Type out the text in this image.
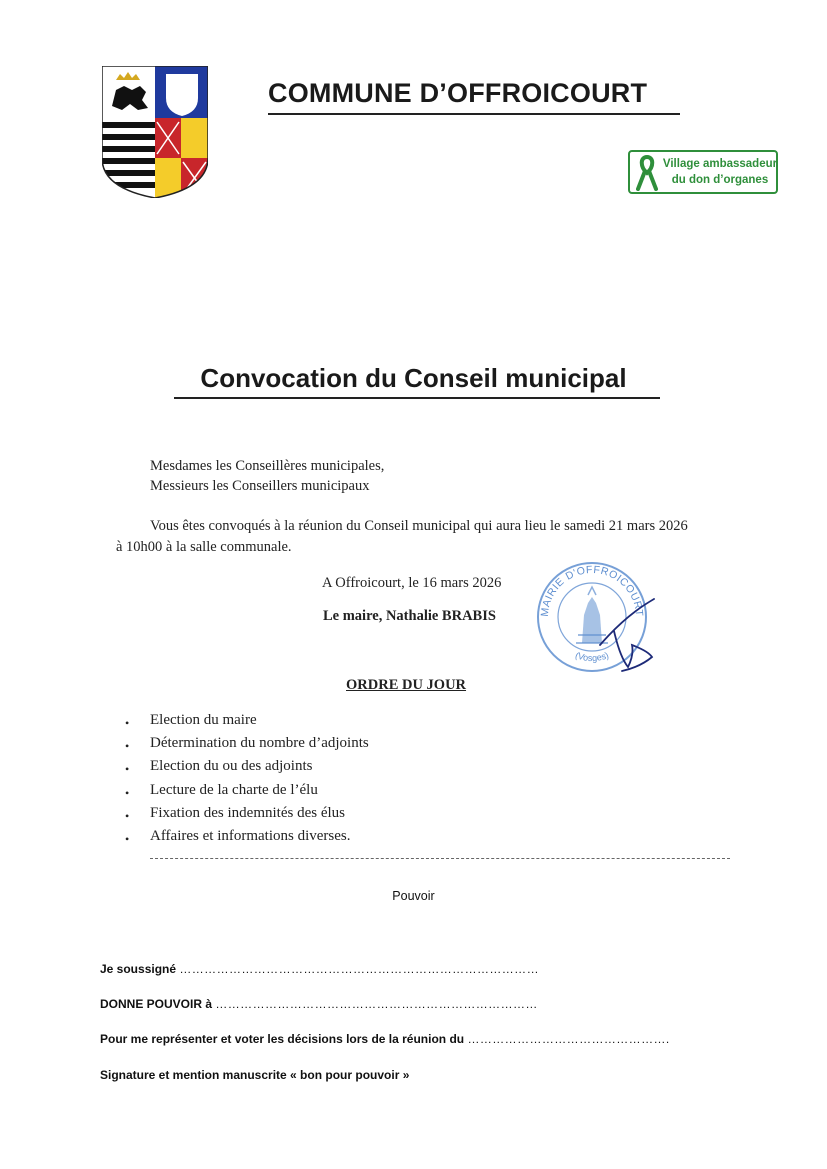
COMMUNE D’OFFROICOURT
Village ambassadeur
du don d’organes
Convocation du Conseil municipal
Mesdames les Conseillères municipales,
Messieurs les Conseillers municipaux
Vous êtes convoqués à la réunion du Conseil municipal qui aura lieu le samedi 21 mars 2026
à 10h00 à la salle communale.
A Offroicourt, le 16 mars 2026
Le maire, Nathalie BRABIS	MAIRIE D'OFFROICOURT
(Vosges)
ORDRE DU JOUR
• Election du maire
• Détermination du nombre d’adjoints
• Election du ou des adjoints
• Lecture de la charte de l’élu
• Fixation des indemnités des élus
• Affaires et informations diverses.
Pouvoir
Je soussigné ……………………………………………………………………………
DONNE POUVOIR à ……………………………………………………………………
Pour me représenter et voter les décisions lors de la réunion du ………………………………………….
Signature et mention manuscrite « bon pour pouvoir »
